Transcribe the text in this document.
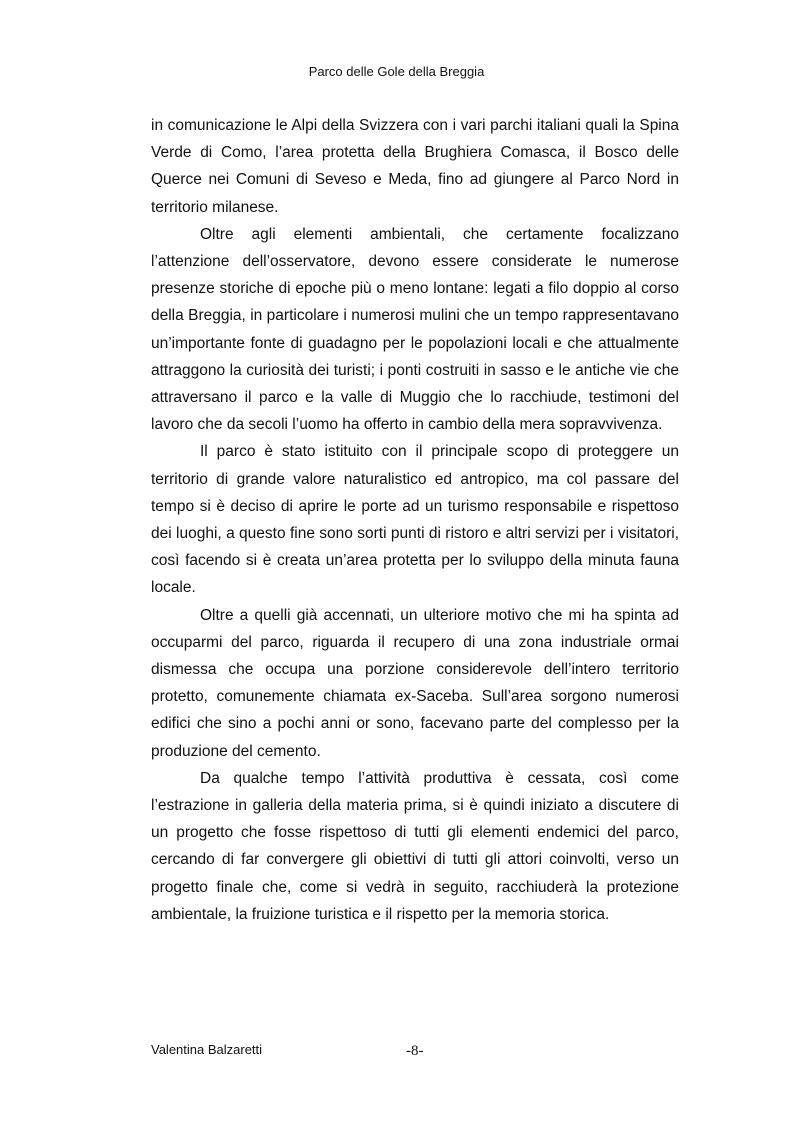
Parco delle Gole della Breggia

in comunicazione le Alpi della Svizzera con i vari parchi italiani quali la Spina Verde di Como, l’area protetta della Brughiera Comasca, il Bosco delle Querce nei Comuni di Seveso e Meda, fino ad giungere al Parco Nord in territorio milanese.

Oltre agli elementi ambientali, che certamente focalizzano l’attenzione dell’osservatore, devono essere considerate le numerose presenze storiche di epoche più o meno lontane: legati a filo doppio al corso della Breggia, in particolare i numerosi mulini che un tempo rappresentavano un’importante fonte di guadagno per le popolazioni locali e che attualmente attraggono la curiosità dei turisti; i ponti costruiti in sasso e le antiche vie che attraversano il parco e la valle di Muggio che lo racchiude, testimoni del lavoro che da secoli l’uomo ha offerto in cambio della mera sopravvivenza.

Il parco è stato istituito con il principale scopo di proteggere un territorio di grande valore naturalistico ed antropico, ma col passare del tempo si è deciso di aprire le porte ad un turismo responsabile e rispettoso dei luoghi, a questo fine sono sorti punti di ristoro e altri servizi per i visitatori, così facendo si è creata un’area protetta per lo sviluppo della minuta fauna locale.

Oltre a quelli già accennati, un ulteriore motivo che mi ha spinta ad occuparmi del parco, riguarda il recupero di una zona industriale ormai dismessa che occupa una porzione considerevole dell’intero territorio protetto, comunemente chiamata ex-Saceba. Sull’area sorgono numerosi edifici che sino a pochi anni or sono, facevano parte del complesso per la produzione del cemento.

Da qualche tempo l’attività produttiva è cessata, così come l’estrazione in galleria della materia prima, si è quindi iniziato a discutere di un progetto che fosse rispettoso di tutti gli elementi endemici del parco, cercando di far convergere gli obiettivi di tutti gli attori coinvolti, verso un progetto finale che, come si vedrà in seguito, racchiuderà la protezione ambientale, la fruizione turistica e il rispetto per la memoria storica.

Valentina Balzaretti	-8-
